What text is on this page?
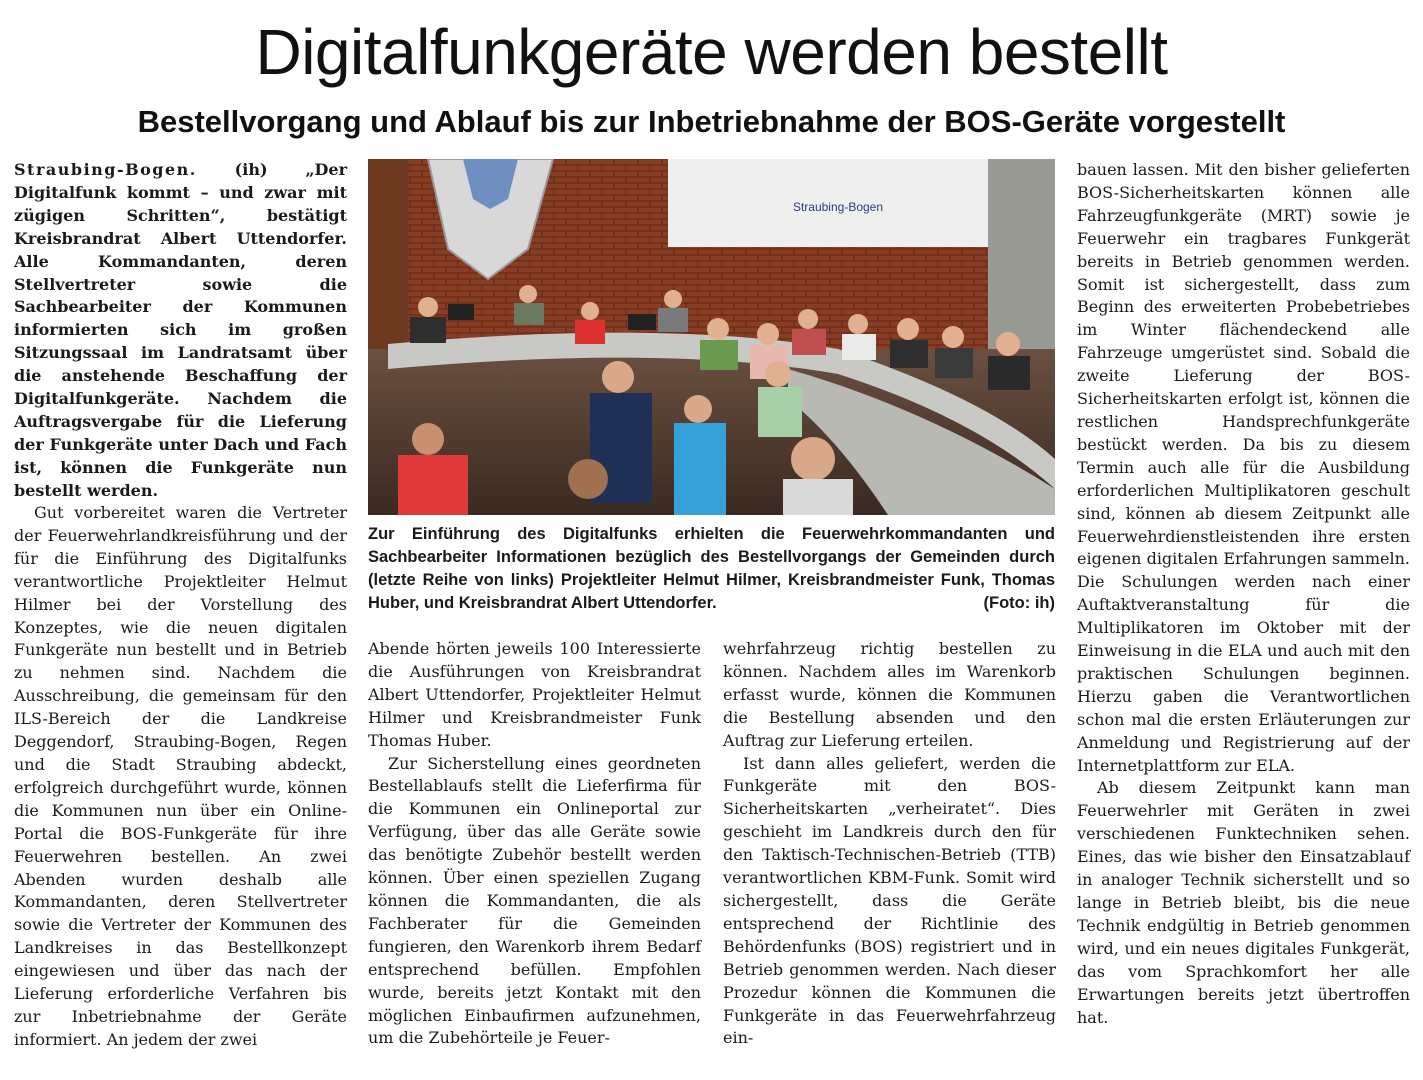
Digitalfunkgeräte werden bestellt
Bestellvorgang und Ablauf bis zur Inbetriebnahme der BOS-Geräte vorgestellt

Straubing-Bogen. (ih) „Der Digitalfunk kommt – und zwar mit zügigen Schritten“, bestätigt Kreisbrandrat Albert Uttendorfer. Alle Kommandanten, deren Stellvertreter sowie die Sachbearbeiter der Kommunen informierten sich im großen Sitzungssaal im Landratsamt über die anstehende Beschaffung der Digitalfunkgeräte. Nachdem die Auftragsvergabe für die Lieferung der Funkgeräte unter Dach und Fach ist, können die Funkgeräte nun bestellt werden.

Gut vorbereitet waren die Vertreter der Feuerwehrlandkreisführung und der für die Einführung des Digitalfunks verantwortliche Projektleiter Helmut Hilmer bei der Vorstellung des Konzeptes, wie die neuen digitalen Funkgeräte nun bestellt und in Betrieb zu nehmen sind. Nachdem die Ausschreibung, die gemeinsam für den ILS-Bereich der die Landkreise Deggendorf, Straubing-Bogen, Regen und die Stadt Straubing abdeckt, erfolgreich durchgeführt wurde, können die Kommunen nun über ein Online-Portal die BOS-Funkgeräte für ihre Feuerwehren bestellen. An zwei Abenden wurden deshalb alle Kommandanten, deren Stellvertreter sowie die Vertreter der Kommunen des Landkreises in das Bestellkonzept eingewiesen und über das nach der Lieferung erforderliche Verfahren bis zur Inbetriebnahme der Geräte informiert. An jedem der zwei

Straubing-Bogen

Zur Einführung des Digitalfunks erhielten die Feuerwehrkommandanten und Sachbearbeiter Informationen bezüglich des Bestellvorgangs der Gemeinden durch (letzte Reihe von links) Projektleiter Helmut Hilmer, Kreisbrandmeister Funk, Thomas Huber, und Kreisbrandrat Albert Uttendorfer.	(Foto: ih)

Abende hörten jeweils 100 Interessierte die Ausführungen von Kreisbrandrat Albert Uttendorfer, Projektleiter Helmut Hilmer und Kreisbrandmeister Funk Thomas Huber.

Zur Sicherstellung eines geordneten Bestellablaufs stellt die Lieferfirma für die Kommunen ein Onlineportal zur Verfügung, über das alle Geräte sowie das benötigte Zubehör bestellt werden können. Über einen speziellen Zugang können die Kommandanten, die als Fachberater für die Gemeinden fungieren, den Warenkorb ihrem Bedarf entsprechend befüllen. Empfohlen wurde, bereits jetzt Kontakt mit den möglichen Einbaufirmen aufzunehmen, um die Zubehörteile je Feuer-

wehrfahrzeug richtig bestellen zu können. Nachdem alles im Warenkorb erfasst wurde, können die Kommunen die Bestellung absenden und den Auftrag zur Lieferung erteilen.

Ist dann alles geliefert, werden die Funkgeräte mit den BOS-Sicherheitskarten „verheiratet“. Dies geschieht im Landkreis durch den für den Taktisch-Technischen-Betrieb (TTB) verantwortlichen KBM-Funk. Somit wird sichergestellt, dass die Geräte entsprechend der Richtlinie des Behördenfunks (BOS) registriert und in Betrieb genommen werden. Nach dieser Prozedur können die Kommunen die Funkgeräte in das Feuerwehrfahrzeug ein-

bauen lassen. Mit den bisher gelieferten BOS-Sicherheitskarten können alle Fahrzeugfunkgeräte (MRT) sowie je Feuerwehr ein tragbares Funkgerät bereits in Betrieb genommen werden. Somit ist sichergestellt, dass zum Beginn des erweiterten Probebetriebes im Winter flächendeckend alle Fahrzeuge umgerüstet sind. Sobald die zweite Lieferung der BOS-Sicherheitskarten erfolgt ist, können die restlichen Handsprechfunkgeräte bestückt werden. Da bis zu diesem Termin auch alle für die Ausbildung erforderlichen Multiplikatoren geschult sind, können ab diesem Zeitpunkt alle Feuerwehrdienstleistenden ihre ersten eigenen digitalen Erfahrungen sammeln. Die Schulungen werden nach einer Auftaktveranstaltung für die Multiplikatoren im Oktober mit der Einweisung in die ELA und auch mit den praktischen Schulungen beginnen. Hierzu gaben die Verantwortlichen schon mal die ersten Erläuterungen zur Anmeldung und Registrierung auf der Internetplattform zur ELA.

Ab diesem Zeitpunkt kann man Feuerwehrler mit Geräten in zwei verschiedenen Funktechniken sehen. Eines, das wie bisher den Einsatzablauf in analoger Technik sicherstellt und so lange in Betrieb bleibt, bis die neue Technik endgültig in Betrieb genommen wird, und ein neues digitales Funkgerät, das vom Sprachkomfort her alle Erwartungen bereits jetzt übertroffen hat.
